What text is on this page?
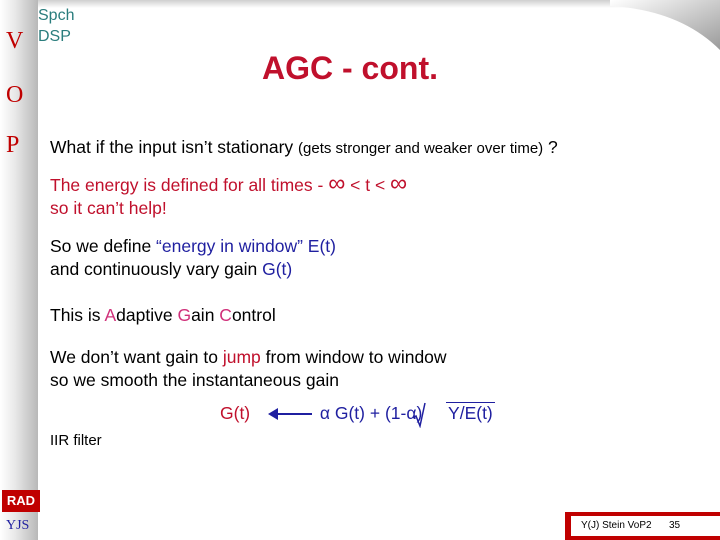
V
O
P
Spch
DSP
AGC - cont.
What if the input isn’t stationary (gets stronger and weaker over time) ?
The energy is defined for all times - ∞ < t < ∞
so it can’t help!
So we define “energy in window” E(t)
and continuously vary gain G(t)
This is Adaptive Gain Control
We don’t want gain to jump from window to window
so we smooth the instantaneous gain
G(t)	α G(t) + (1-α) Y/E(t)
IIR filter
RAD
YJS	Y(J) Stein VoP2 35
